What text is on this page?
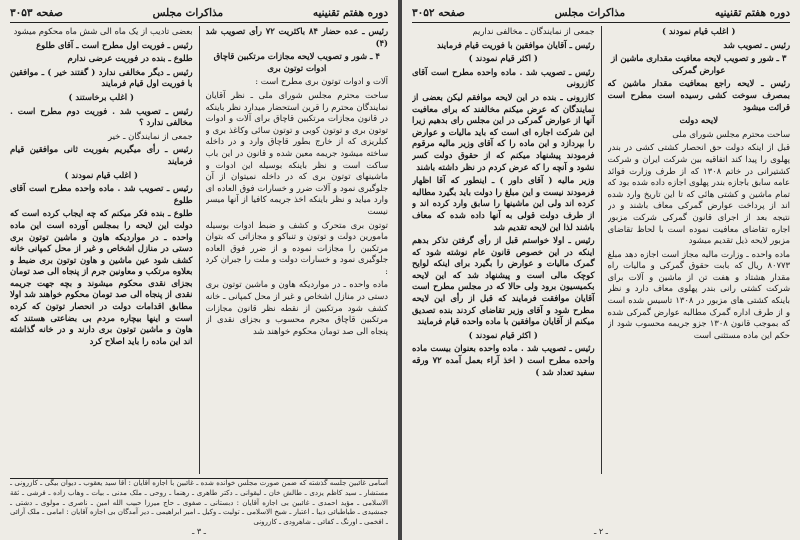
دوره هفتم تقنینیه
مذاکرات مجلس
صفحه ۳۰۵۳

رئیس ـ عده حضار ۸۴ باکثریت ۷۲ رأی تصویب شد (۴)

۴ ـ شور و تصویب لایحه مجازات مرتکبین قاچاق ادوات توتون بری

آلات و ادوات توتون بری مطرح است :

ساحت محترم مجلس شورای ملی ـ نظر آقایان نمایندگان محترم را قرین استحضار میدارد نظر باینکه در قانون مجازات مرتکبین قاچاق برای آلات و ادوات توتون بری و توتون کوبی و توتون سائی وکاغذ بری و کبلریزی که از خارج بطور قاچاق وارد و در داخله ساخته میشود جریمه معین شده و قانون در این باب ساکت است و نظر باینکه بوسیله این ادوات و ماشینهای توتون بری که در داخله نمیتوان از آن جلوگیری نمود و آلات ضرر و خسارات فوق العاده ای وارد میاید و نظر باینکه اخذ جریمه کافیا از آنها میسر نیست

توتون بری متحرک و کشف و ضبط ادوات بوسیله مامورین دولت و توتون و تنباکو و مجازاتی که بتوان مرتکبین را مجازات نموده و از ضرر فوق العاده جلوگیری نمود و خسارات دولت و ملت را جبران کرد :

ماده واحده ـ در مواردیکه هاون و ماشین توتون بری دستی در منازل اشخاص و غیر از محل کمپانی ـ خانه کشف شود مرتکبین از نقطه نظر قانون مجازات مرتکبین قاچاق مجرم محسوب و بجزای نقدی از پنجاه الی صد تومان محکوم خواهند شد

بعضی تادیب از یک ماه الی شش ماه محکوم میشود

رئیس ـ فوریت اول مطرح است ـ آقای طلوع

طلوع ـ بنده در فوریت عرضی ندارم

رئیس ـ دیگر مخالفی ندارد ( گفتند خیر ) ـ موافقین با فوریت اول قیام فرمایند

( اغلب برخاستند )

رئیس ـ تصویب شد . فوریت دوم مطرح است . مخالفی ندارد ؟

جمعی از نمایندگان ـ خیر

رئیس ـ رأی میگیریم بفوریت ثانی موافقین قیام فرمایند

( اغلب قیام نمودند )

رئیس ـ تصویب شد . ماده واحده مطرح است آقای طلوع

طلوع ـ بنده فکر میکنم که چه ایجاب کرده است که دولت این لایحه را بمجلس آورده است این ماده واحده ـ در مواردیکه هاون و ماشین توتون بری دستی در منازل اشخاص و غیر از محل کمپانی خانه کشف شود عین ماشین و هاون توتون بری ضبط و بعلاوه مرتکب و معاونین جرم از پنجاه الی صد تومان بجزای نقدی محکوم میشوند و بچه جهت جریمه نقدی از پنجاه الی صد تومان محکوم خواهند شد اولا مطابق اقدامات دولت در انحصار توتون که کرده است و اینها بیچاره مردم بی بضاعتی هستند که هاون و ماشین توتون بری دارند و در خانه گذاشته اند این ماده را باید اصلاح کرد

اسامی غائبین جلسه گذشته که ضمن صورت مجلس خوانده شده ـ غائبین با اجازه آقایان : آقا سید یعقوب ـ دیوان بیگی ـ کازرونی ـ مستشار ـ سید کاظم یزدی ـ طالش خان ـ لیقوانی ـ دکتر طاهری ـ رهنما ـ روحی ـ ملک مدنی ـ بیات ـ وهاب زاده ـ فرشی ـ ثقة الاسلامی ـ مؤید احمدی ـ غائبین بی اجازه آقایان : دبستانی ـ صفوی ـ حاج میرزا حبیب الله امین ـ ناصری ـ مولوی ـ دشتی ـ جمشیدی ـ طباطبائی دیبا ـ اعتبار ـ شیخ الاسلامی ـ تولیت ـ وکیل ـ امیر ابراهیمی ـ دیر آمدگان بی اجازه آقایان : امامی ـ ملک آرائی ـ افخمی ـ اورنگ ـ کفائی ـ شاهرودی ـ کازرونی
ـ ۳ ـ
دوره هفتم تقنینیه
مذاکرات مجلس
صفحه ۳۰۵۲

( اغلب قیام نمودند )

رئیس ـ تصویب شد

۳ ـ شور و تصویب لایحه معافیت مقداری ماشین از عوارض گمرکی

رئیس ـ لایحه راجع بمعافیت مقدار ماشین که بمصرف سوخت کشی رسیده است مطرح است قرائت میشود

لایحه دولت

ساحت محترم مجلس شورای ملی

قبل از اینکه دولت حق انحصار کشتی کشی در بندر پهلوی را پیدا کند اتفاقیه بین شرکت ایران و شرکت کشتیرانی در خاتم ۱۳۰۸ که از طرف وزارت فوائد عامه سابق باجازه بندر پهلوی اجازه داده شده بود که تمام ماشین و کشتی هائی که تا این تاریخ وارد شده اند از پرداخت عوارض گمرکی معاف باشند و در نتیجه بعد از اجرای قانون گمرکی شرکت مزبور اجاره تقاضای معافیت نموده است با لحاظ تقاضای مزبور لایحه ذیل تقدیم میشود

ماده واحده ـ وزارت مالیه مجاز است اجازه دهد مبلغ ۸۰۷۷۳ ریال که بابت حقوق گمرکی و مالیات راه مقدار هشتاد و هفت تن از ماشین و آلات برای شرکت کشتی رانی بندر پهلوی معاف دارد و نظر باینکه کشتی های مزبور در ۱۳۰۸ تاسیس شده است و از طرف اداره گمرک مطالبه عوارض گمرکی شده که بموجب قانون ۱۳۰۸ جزو جریمه محسوب شود از حکم این ماده مستثنی است

جمعی از نمایندگان ـ مخالفی نداریم

رئیس ـ آقایان موافقین با فوریت قیام فرمایند

( اکثر قیام نمودند )

رئیس ـ تصویب شد . ماده واحده مطرح است آقای کازرونی

کازرونی ـ بنده در این لایحه موافقم لیکن بعضی از نمایندگان که عرض میکنم مخالفند که برای معافیت آنها از عوارض گمرکی در این مجلس رای بدهیم زیرا این شرکت اجاره ای است که باید مالیات و عوارض را بپردازد و این ماده را که آقای وزیر مالیه مرقوم فرمودند پیشنهاد میکنم که از حقوق دولت کسر نشود و آنچه را که عرض کردم در نظر داشته باشند

وزیر مالیه ( آقای داور ) ـ اینطور که آقا اظهار فرمودند نیست و این مبلغ را دولت باید بگیرد مطالبه کرده اند ولی این ماشینها را سابق وارد کرده اند و از طرف دولت قولی به آنها داده شده که معاف باشند لذا این لایحه تقدیم شد

رئیس ـ اولا خواستم قبل از رأی گرفتن تذکر بدهم اینکه در این خصوص قانون عام نوشته شود که گمرک مالیات و عوارض را بگیرد برای اینکه لوایح کوچک مالی است و پیشنهاد شد که این لایحه بکمیسیون برود ولی حالا که در مجلس مطرح است آقایان موافقت فرمایند که قبل از رأی این لایحه مطرح شود و آقای وزیر تقاضای کردند بنده تصدیق میکنم از آقایان موافقین با ماده واحده قیام فرمایند

( اکثر قیام نمودند )

رئیس ـ تصویب شد . ماده واحده بعنوان بیست ماده واحده مطرح است ( اخذ آراء بعمل آمده ۷۲ ورقه سفید تعداد شد )

ـ ۲ ـ
